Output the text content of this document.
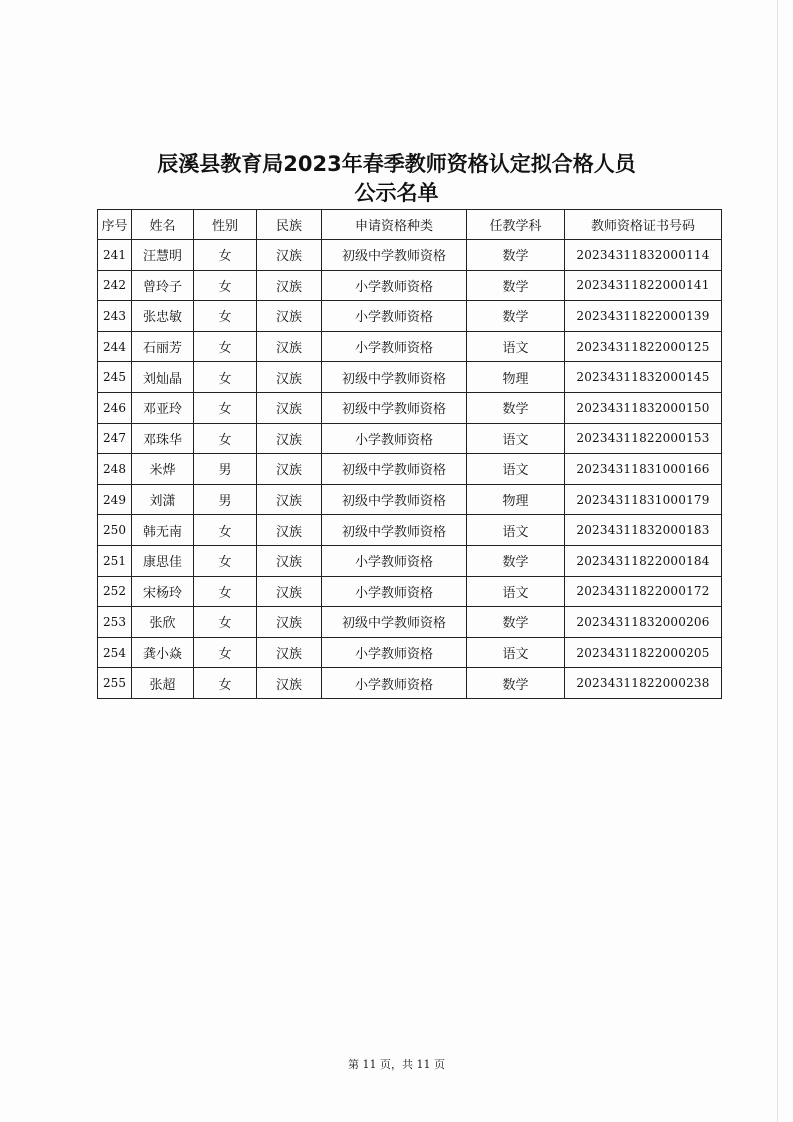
辰溪县教育局2023年春季教师资格认定拟合格人员
公示名单
序号	姓名	性别	民族	申请资格种类	任教学科	教师资格证书号码
241	汪慧明	女	汉族	初级中学教师资格	数学	20234311832000114
242	曾玲子	女	汉族	小学教师资格	数学	20234311822000141
243	张忠敏	女	汉族	小学教师资格	数学	20234311822000139
244	石丽芳	女	汉族	小学教师资格	语文	20234311822000125
245	刘灿晶	女	汉族	初级中学教师资格	物理	20234311832000145
246	邓亚玲	女	汉族	初级中学教师资格	数学	20234311832000150
247	邓珠华	女	汉族	小学教师资格	语文	20234311822000153
248	米烨	男	汉族	初级中学教师资格	语文	20234311831000166
249	刘潇	男	汉族	初级中学教师资格	物理	20234311831000179
250	韩无南	女	汉族	初级中学教师资格	语文	20234311832000183
251	康思佳	女	汉族	小学教师资格	数学	20234311822000184
252	宋杨玲	女	汉族	小学教师资格	语文	20234311822000172
253	张欣	女	汉族	初级中学教师资格	数学	20234311832000206
254	龚小焱	女	汉族	小学教师资格	语文	20234311822000205
255	张超	女	汉族	小学教师资格	数学	20234311822000238
第 11 页，共 11 页
